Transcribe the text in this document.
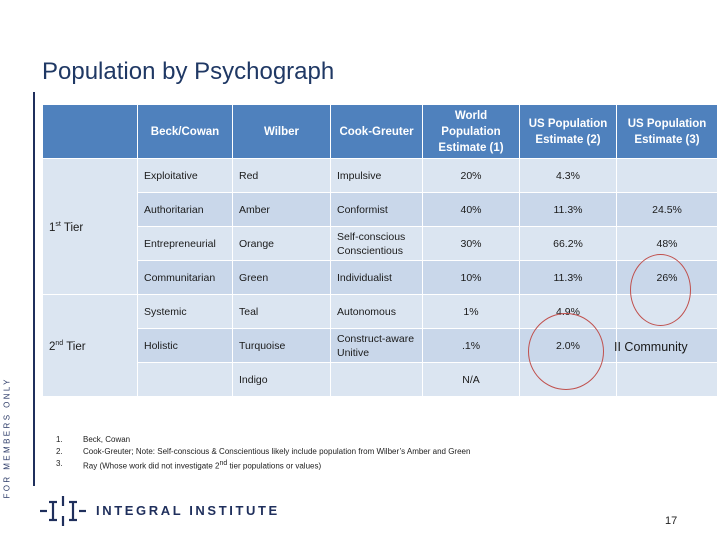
FOR MEMBERS ONLY
Population by Psychograph
	Beck/Cowan	Wilber	Cook-Greuter	World Population Estimate (1)	US Population Estimate (2)	US Population Estimate (3)
1st Tier	Exploitative	Red	Impulsive	20%	4.3%	
	Authoritarian	Amber	Conformist	40%	11.3%	24.5%
	Entrepreneurial	Orange	Self-conscious Conscientious	30%	66.2%	48%
	Communitarian	Green	Individualist	10%	11.3%	26%
2nd Tier	Systemic	Teal	Autonomous	1%	4.9%	
	Holistic	Turquoise	Construct-aware Unitive	.1%	2.0%	
		Indigo		N/A		
II Community
1.	Beck, Cowan
2.	Cook-Greuter; Note: Self-conscious & Conscientious likely include population from Wilber’s Amber and Green
3.	Ray (Whose work did not investigate 2nd tier populations or values)
INTEGRAL INSTITUTE
17
